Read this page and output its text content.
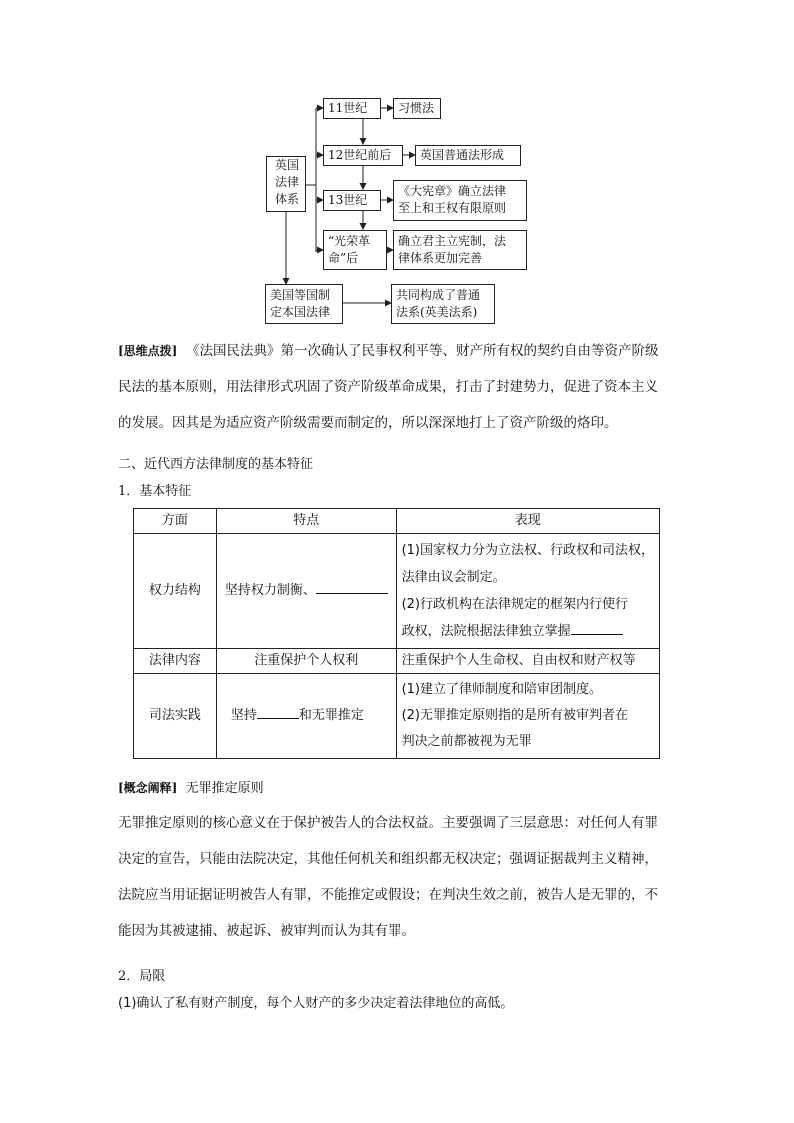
英国
法律
体系
11世纪	习惯法
12世纪前后	英国普通法形成
13世纪
《大宪章》确立法律
至上和王权有限原则
“光荣革
命”后
确立君主立宪制，法
律体系更加完善
美国等国制
定本国法律
共同构成了普通
法系(英美法系)
[思维点拨] 《法国民法典》第一次确认了民事权利平等、财产所有权的契约自由等资产阶级
民法的基本原则，用法律形式巩固了资产阶级革命成果，打击了封建势力，促进了资本主义
的发展。因其是为适应资产阶级需要而制定的，所以深深地打上了资产阶级的烙印。
二、近代西方法律制度的基本特征
1．基本特征
方面	特点	表现
权力结构	坚持权力制衡、	(1)国家权力分为立法权、行政权和司法权，
法律由议会制定。
(2)行政机构在法律规定的框架内行使行
政权，法院根据法律独立掌握
法律内容	注重保护个人权利	注重保护个人生命权、自由权和财产权等
司法实践	坚持 和无罪推定	(1)建立了律师制度和陪审团制度。
(2)无罪推定原则指的是所有被审判者在
判决之前都被视为无罪
[概念阐释] 无罪推定原则
无罪推定原则的核心意义在于保护被告人的合法权益。主要强调了三层意思：对任何人有罪
决定的宣告，只能由法院决定，其他任何机关和组织都无权决定；强调证据裁判主义精神，
法院应当用证据证明被告人有罪，不能推定或假设；在判决生效之前，被告人是无罪的，不
能因为其被逮捕、被起诉、被审判而认为其有罪。
2．局限
(1)确认了私有财产制度，每个人财产的多少决定着法律地位的高低。
